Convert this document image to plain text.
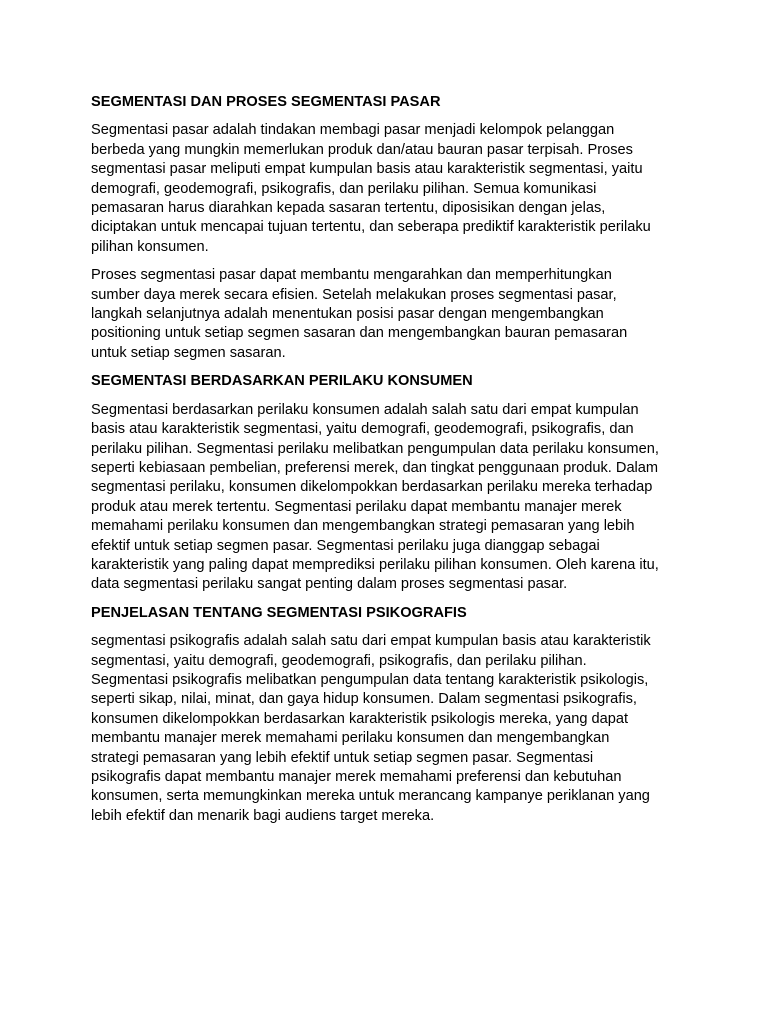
SEGMENTASI DAN PROSES SEGMENTASI PASAR
Segmentasi pasar adalah tindakan membagi pasar menjadi kelompok pelanggan
berbeda yang mungkin memerlukan produk dan/atau bauran pasar terpisah. Proses
segmentasi pasar meliputi empat kumpulan basis atau karakteristik segmentasi, yaitu
demografi, geodemografi, psikografis, dan perilaku pilihan. Semua komunikasi
pemasaran harus diarahkan kepada sasaran tertentu, diposisikan dengan jelas,
diciptakan untuk mencapai tujuan tertentu, dan seberapa prediktif karakteristik perilaku
pilihan konsumen.
Proses segmentasi pasar dapat membantu mengarahkan dan memperhitungkan
sumber daya merek secara efisien. Setelah melakukan proses segmentasi pasar,
langkah selanjutnya adalah menentukan posisi pasar dengan mengembangkan
positioning untuk setiap segmen sasaran dan mengembangkan bauran pemasaran
untuk setiap segmen sasaran.
SEGMENTASI BERDASARKAN PERILAKU KONSUMEN
Segmentasi berdasarkan perilaku konsumen adalah salah satu dari empat kumpulan
basis atau karakteristik segmentasi, yaitu demografi, geodemografi, psikografis, dan
perilaku pilihan. Segmentasi perilaku melibatkan pengumpulan data perilaku konsumen,
seperti kebiasaan pembelian, preferensi merek, dan tingkat penggunaan produk. Dalam
segmentasi perilaku, konsumen dikelompokkan berdasarkan perilaku mereka terhadap
produk atau merek tertentu. Segmentasi perilaku dapat membantu manajer merek
memahami perilaku konsumen dan mengembangkan strategi pemasaran yang lebih
efektif untuk setiap segmen pasar. Segmentasi perilaku juga dianggap sebagai
karakteristik yang paling dapat memprediksi perilaku pilihan konsumen. Oleh karena itu,
data segmentasi perilaku sangat penting dalam proses segmentasi pasar.
PENJELASAN TENTANG SEGMENTASI PSIKOGRAFIS
segmentasi psikografis adalah salah satu dari empat kumpulan basis atau karakteristik
segmentasi, yaitu demografi, geodemografi, psikografis, dan perilaku pilihan.
Segmentasi psikografis melibatkan pengumpulan data tentang karakteristik psikologis,
seperti sikap, nilai, minat, dan gaya hidup konsumen. Dalam segmentasi psikografis,
konsumen dikelompokkan berdasarkan karakteristik psikologis mereka, yang dapat
membantu manajer merek memahami perilaku konsumen dan mengembangkan
strategi pemasaran yang lebih efektif untuk setiap segmen pasar. Segmentasi
psikografis dapat membantu manajer merek memahami preferensi dan kebutuhan
konsumen, serta memungkinkan mereka untuk merancang kampanye periklanan yang
lebih efektif dan menarik bagi audiens target mereka.
